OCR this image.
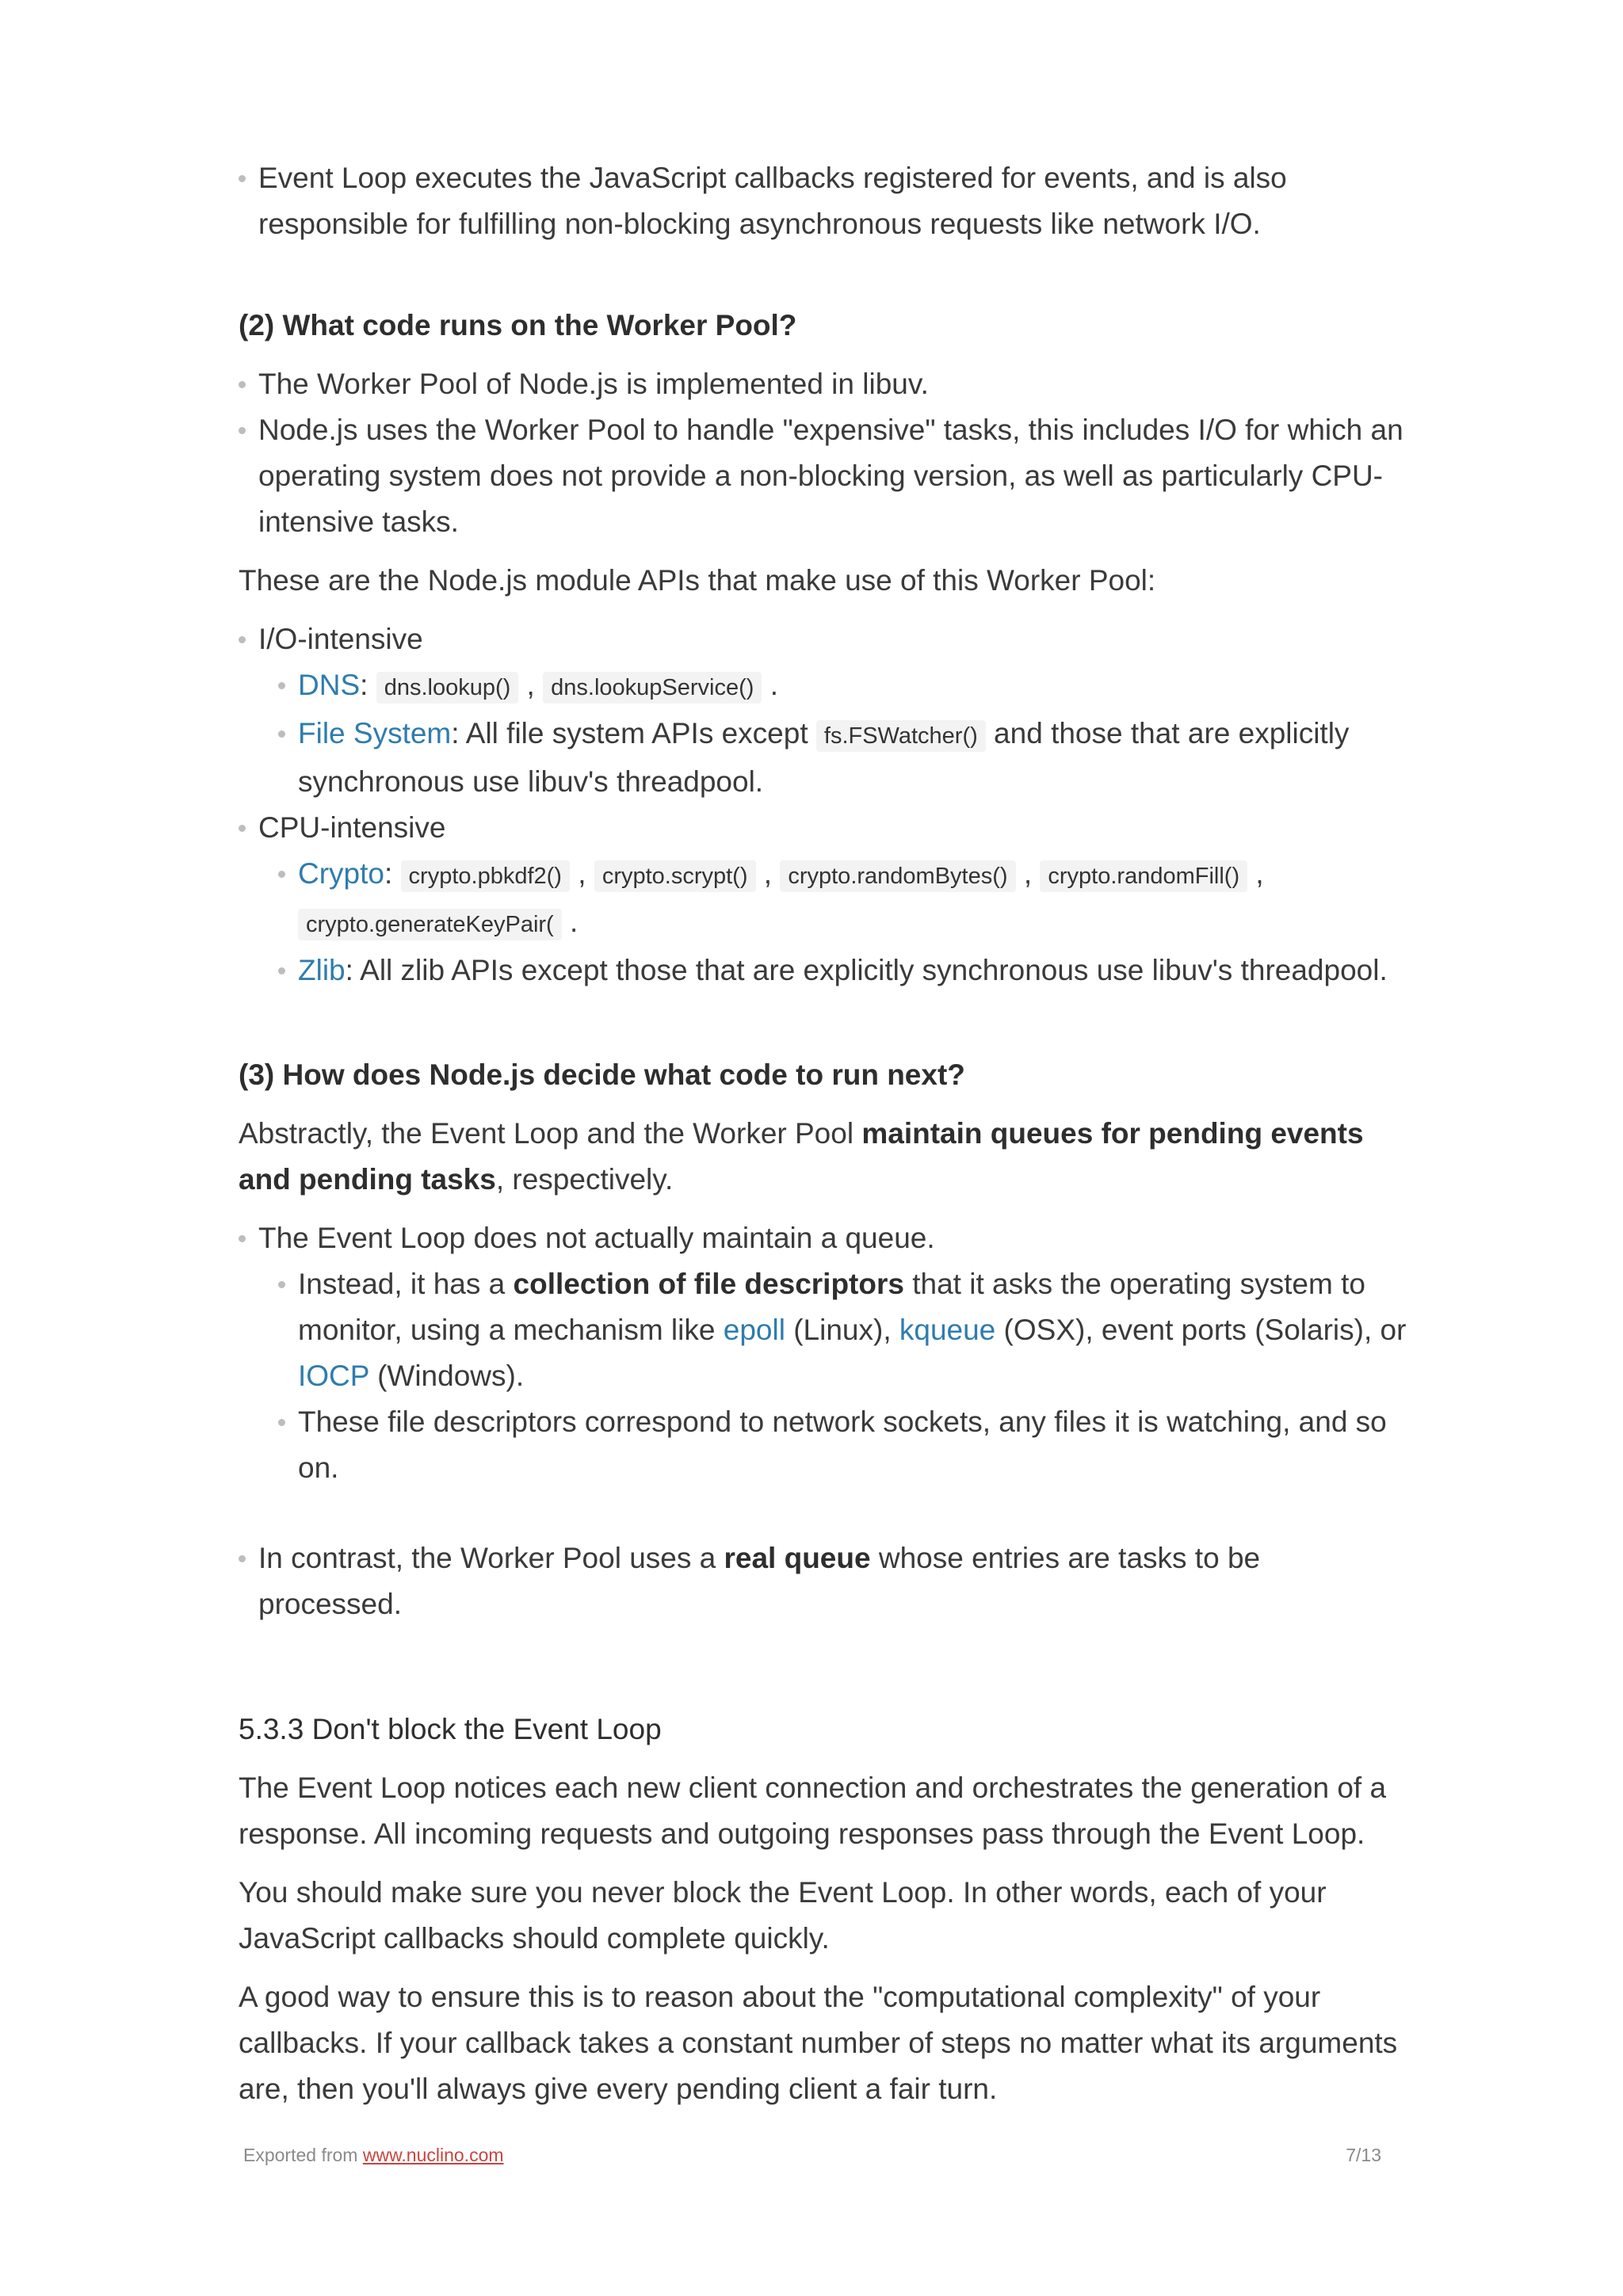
Event Loop executes the JavaScript callbacks registered for events, and is also responsible for fulfilling non-blocking asynchronous requests like network I/O.

(2) What code runs on the Worker Pool?

The Worker Pool of Node.js is implemented in libuv.
Node.js uses the Worker Pool to handle "expensive" tasks, this includes I/O for which an operating system does not provide a non-blocking version, as well as particularly CPU-intensive tasks.

These are the Node.js module APIs that make use of this Worker Pool:

I/O-intensive
DNS: dns.lookup() , dns.lookupService() .
File System: All file system APIs except fs.FSWatcher() and those that are explicitly synchronous use libuv's threadpool.
CPU-intensive
Crypto: crypto.pbkdf2() , crypto.scrypt() , crypto.randomBytes() , crypto.randomFill() , crypto.generateKeyPair( .
Zlib: All zlib APIs except those that are explicitly synchronous use libuv's threadpool.

(3) How does Node.js decide what code to run next?

Abstractly, the Event Loop and the Worker Pool maintain queues for pending events and pending tasks, respectively.

The Event Loop does not actually maintain a queue.
Instead, it has a collection of file descriptors that it asks the operating system to monitor, using a mechanism like epoll (Linux), kqueue (OSX), event ports (Solaris), or IOCP (Windows).
These file descriptors correspond to network sockets, any files it is watching, and so on.
In contrast, the Worker Pool uses a real queue whose entries are tasks to be processed.

5.3.3 Don't block the Event Loop

The Event Loop notices each new client connection and orchestrates the generation of a response. All incoming requests and outgoing responses pass through the Event Loop.

You should make sure you never block the Event Loop. In other words, each of your JavaScript callbacks should complete quickly.

A good way to ensure this is to reason about the "computational complexity" of your callbacks. If your callback takes a constant number of steps no matter what its arguments are, then you'll always give every pending client a fair turn.

Exported from www.nuclino.com	7/13
